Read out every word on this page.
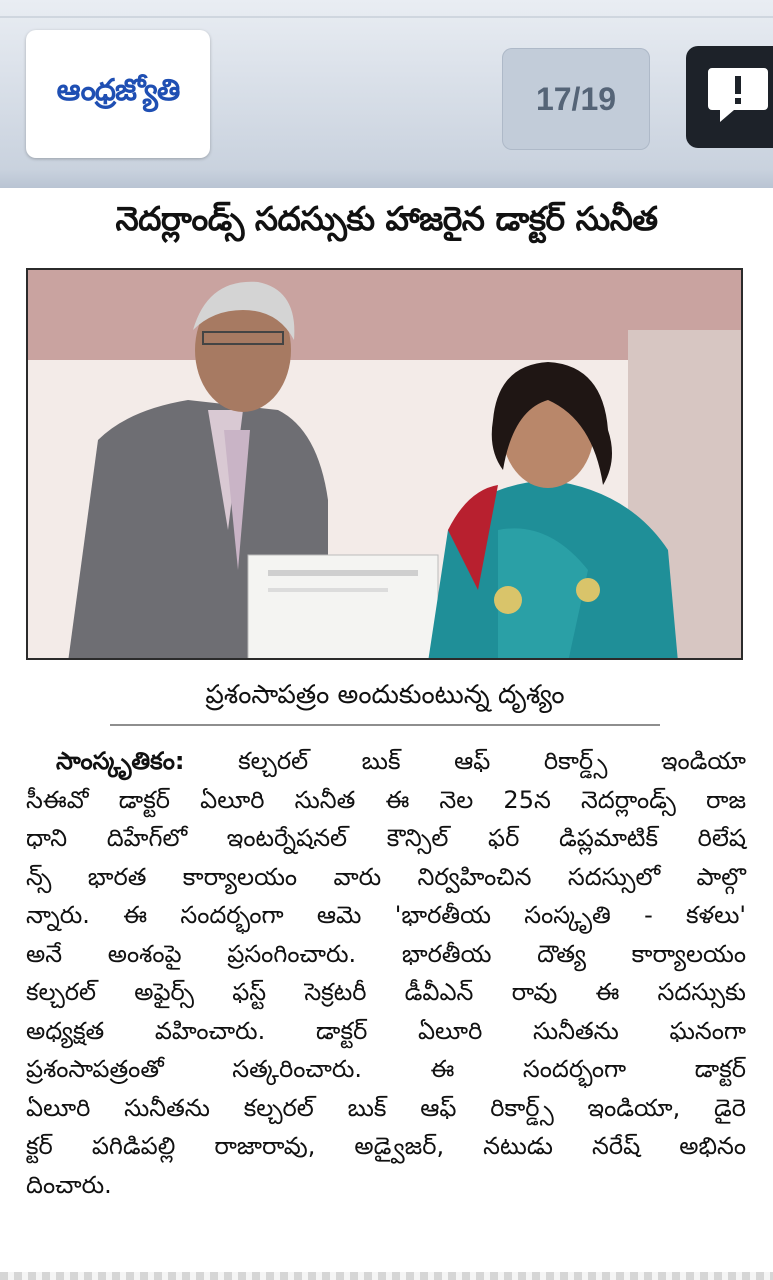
ఆంధ్రజ్యోతి	17/19
నెదర్లాండ్స్ సదస్సుకు హాజరైన డాక్టర్ సునీత
ప్రశంసాపత్రం అందుకుంటున్న దృశ్యం
సాంస్కృతికం: కల్చరల్ బుక్ ఆఫ్ రికార్డ్స్ ఇండియా
సీఈవో డాక్టర్ ఏలూరి సునీత ఈ నెల 25న నెదర్లాండ్స్ రాజ
ధాని దిహేగ్‌లో ఇంటర్నేషనల్ కౌన్సిల్ ఫర్ డిప్లమాటిక్ రిలేష
న్స్ భారత కార్యాలయం వారు నిర్వహించిన సదస్సులో పాల్గొ
న్నారు. ఈ సందర్భంగా ఆమె 'భారతీయ సంస్కృతి - కళలు'
అనే అంశంపై ప్రసంగించారు. భారతీయ దౌత్య కార్యాలయం
కల్చరల్ అఫైర్స్ ఫస్ట్ సెక్రటరీ డీవీఎన్ రావు ఈ సదస్సుకు
అధ్యక్షత వహించారు. డాక్టర్ ఏలూరి సునీతను ఘనంగా
ప్రశంసాపత్రంతో సత్కరించారు. ఈ సందర్భంగా డాక్టర్
ఏలూరి సునీతను కల్చరల్ బుక్ ఆఫ్ రికార్డ్స్ ఇండియా, డైరె
క్టర్ పగిడిపల్లి రాజారావు, అడ్వైజర్, నటుడు నరేష్ అభినం
దించారు.
